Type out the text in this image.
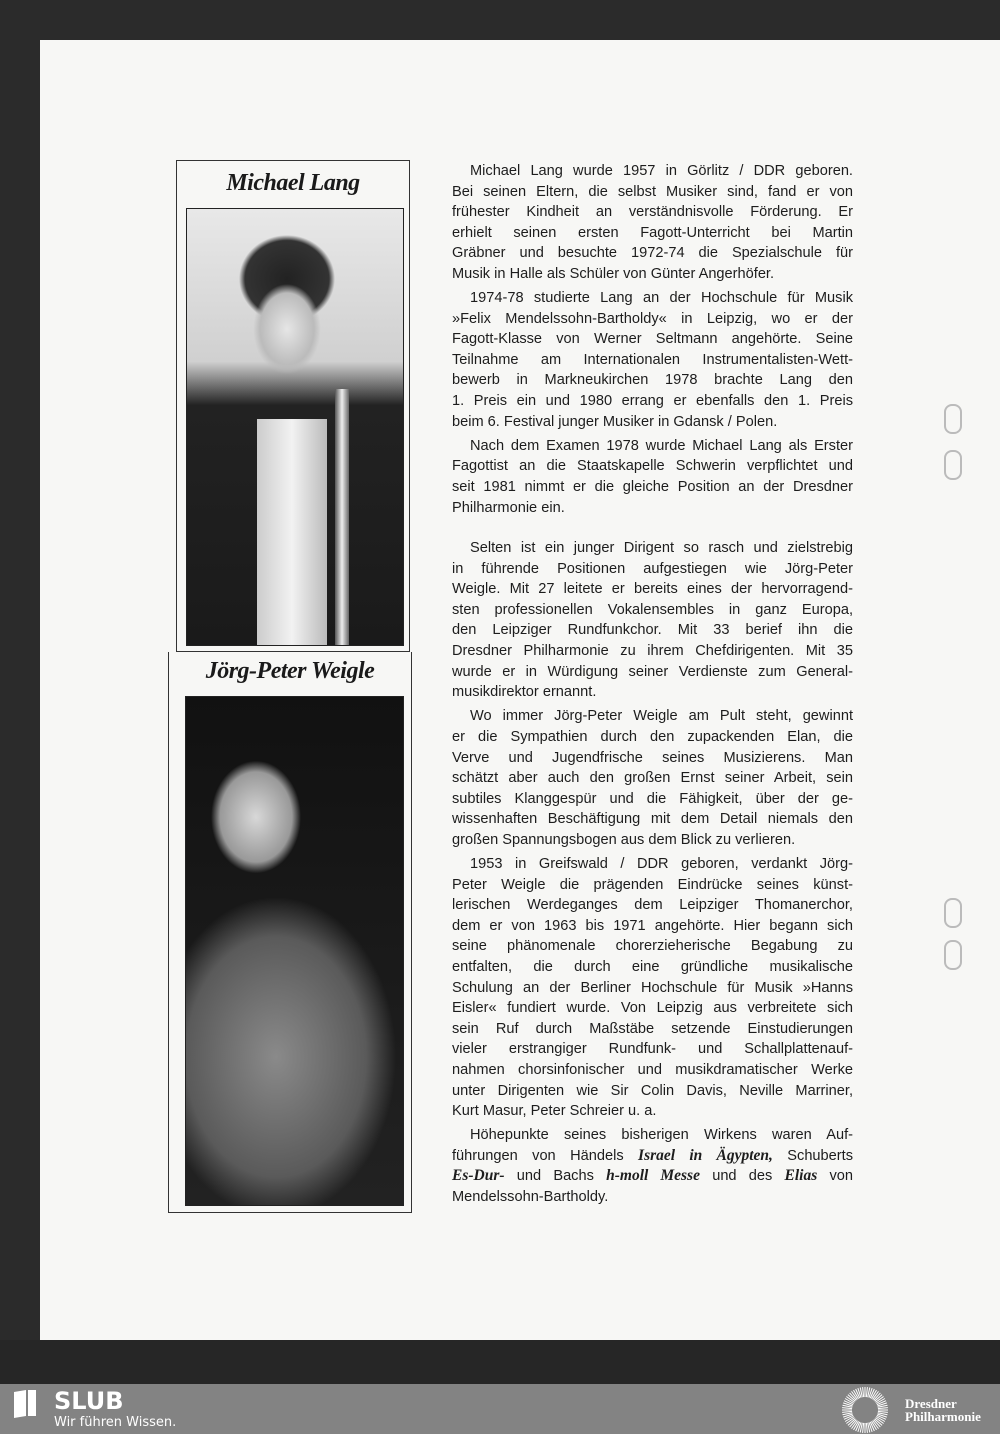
Michael Lang
Jörg-Peter Weigle
Michael Lang wurde 1957 in Görlitz / DDR geboren.
Bei seinen Eltern, die selbst Musiker sind, fand er von
frühester Kindheit an verständnisvolle Förderung. Er
erhielt seinen ersten Fagott-Unterricht bei Martin
Gräbner und besuchte 1972-74 die Spezialschule für
Musik in Halle als Schüler von Günter Angerhöfer.
1974-78 studierte Lang an der Hochschule für Musik
»Felix Mendelssohn-Bartholdy« in Leipzig, wo er der
Fagott-Klasse von Werner Seltmann angehörte. Seine
Teilnahme am Internationalen Instrumentalisten-Wett-
bewerb in Markneukirchen 1978 brachte Lang den
1. Preis ein und 1980 errang er ebenfalls den 1. Preis
beim 6. Festival junger Musiker in Gdansk / Polen.
Nach dem Examen 1978 wurde Michael Lang als Erster
Fagottist an die Staatskapelle Schwerin verpflichtet und
seit 1981 nimmt er die gleiche Position an der Dresdner
Philharmonie ein.
Selten ist ein junger Dirigent so rasch und zielstrebig
in führende Positionen aufgestiegen wie Jörg-Peter
Weigle. Mit 27 leitete er bereits eines der hervorragend-
sten professionellen Vokalensembles in ganz Europa,
den Leipziger Rundfunkchor. Mit 33 berief ihn die
Dresdner Philharmonie zu ihrem Chefdirigenten. Mit 35
wurde er in Würdigung seiner Verdienste zum General-
musikdirektor ernannt.
Wo immer Jörg-Peter Weigle am Pult steht, gewinnt
er die Sympathien durch den zupackenden Elan, die
Verve und Jugendfrische seines Musizierens. Man
schätzt aber auch den großen Ernst seiner Arbeit, sein
subtiles Klanggespür und die Fähigkeit, über der ge-
wissenhaften Beschäftigung mit dem Detail niemals den
großen Spannungsbogen aus dem Blick zu verlieren.
1953 in Greifswald / DDR geboren, verdankt Jörg-
Peter Weigle die prägenden Eindrücke seines künst-
lerischen Werdeganges dem Leipziger Thomanerchor,
dem er von 1963 bis 1971 angehörte. Hier begann sich
seine phänomenale chorerzieherische Begabung zu
entfalten, die durch eine gründliche musikalische
Schulung an der Berliner Hochschule für Musik »Hanns
Eisler« fundiert wurde. Von Leipzig aus verbreitete sich
sein Ruf durch Maßstäbe setzende Einstudierungen
vieler erstrangiger Rundfunk- und Schallplattenauf-
nahmen chorsinfonischer und musikdramatischer Werke
unter Dirigenten wie Sir Colin Davis, Neville Marriner,
Kurt Masur, Peter Schreier u. a.
Höhepunkte seines bisherigen Wirkens waren Auf-
führungen von Händels Israel in Ägypten, Schuberts
Es-Dur- und Bachs h-moll Messe und des Elias von
Mendelssohn-Bartholdy.
SLUB
Wir führen Wissen.
Dresdner
Philharmonie
